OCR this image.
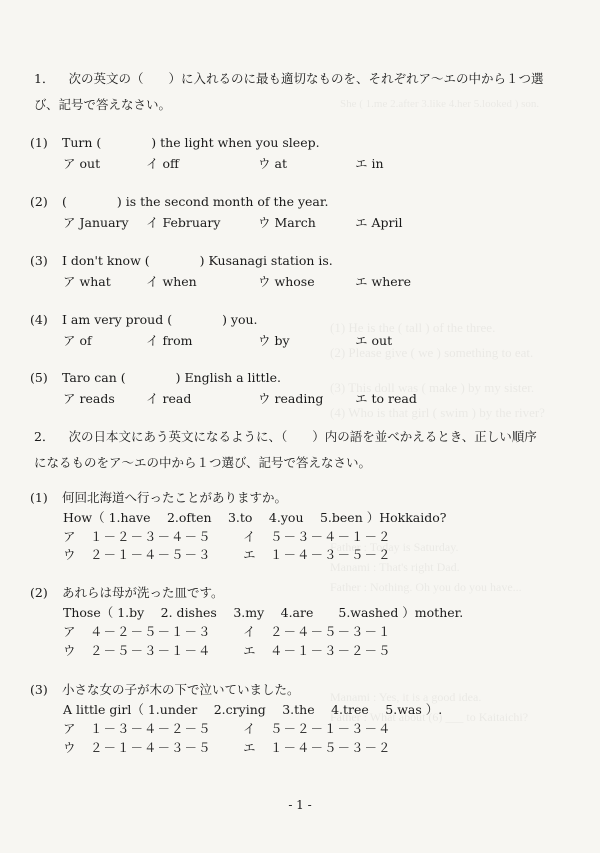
She ( 1.me 2.after 3.like 4.her 5.looked ) son.
(1) He is the ( tall ) of the three.
(2) Please give ( we ) something to eat.
(3) This doll was ( make ) by my sister.
(4) Who is that girl ( swim ) by the river?
Father : Today is Saturday.
Manami : That's right Dad.
Father : Nothing. Oh you do you have...
Manami : Yes, it is a good idea.
Father : What about (6) ___ to Kaitaichi?
1． 次の英文の（　　）に入れるのに最も適切なものを、それぞれア～エの中から１つ選
び、記号で答えなさい。
(1) Turn (　　　　) the light when you sleep.
ア out	イ off	ウ at	エ in
(2) (　　　　) is the second month of the year.
ア January イ February	ウ March	エ April
(3) I don't know (　　　　) Kusanagi station is.
ア what	イ when	ウ whose	エ where
(4) I am very proud (　　　　) you.
ア of	イ from	ウ by	エ out
(5) Taro can (　　　　) English a little.
ア reads	イ read	ウ reading	エ to read
2． 次の日本文にあう英文になるように、（　　）内の語を並べかえるとき、正しい順序
になるものをア～エの中から１つ選び、記号で答えなさい。
(1) 何回北海道へ行ったことがありますか。
How（ 1.have　 2.often　 3.to　 4.you　 5.been ）Hokkaido?
ア　 １－２－３－４－５	イ　 ５－３－４－１－２
ウ　 ２－１－４－５－３	エ　 １－４－３－５－２
(2) あれらは母が洗った皿です。
Those（ 1.by　 2. dishes　 3.my　 4.are　　5.washed ）mother.
ア　 ４－２－５－１－３	イ　 ２－４－５－３－１
ウ　 ２－５－３－１－４	エ　 ４－１－３－２－５
(3) 小さな女の子が木の下で泣いていました。
A little girl（ 1.under　 2.crying　 3.the　 4.tree　 5.was ）.
ア　 １－３－４－２－５	イ　 ５－２－１－３－４
ウ　 ２－１－４－３－５	エ　 １－４－５－３－２
- 1 -
